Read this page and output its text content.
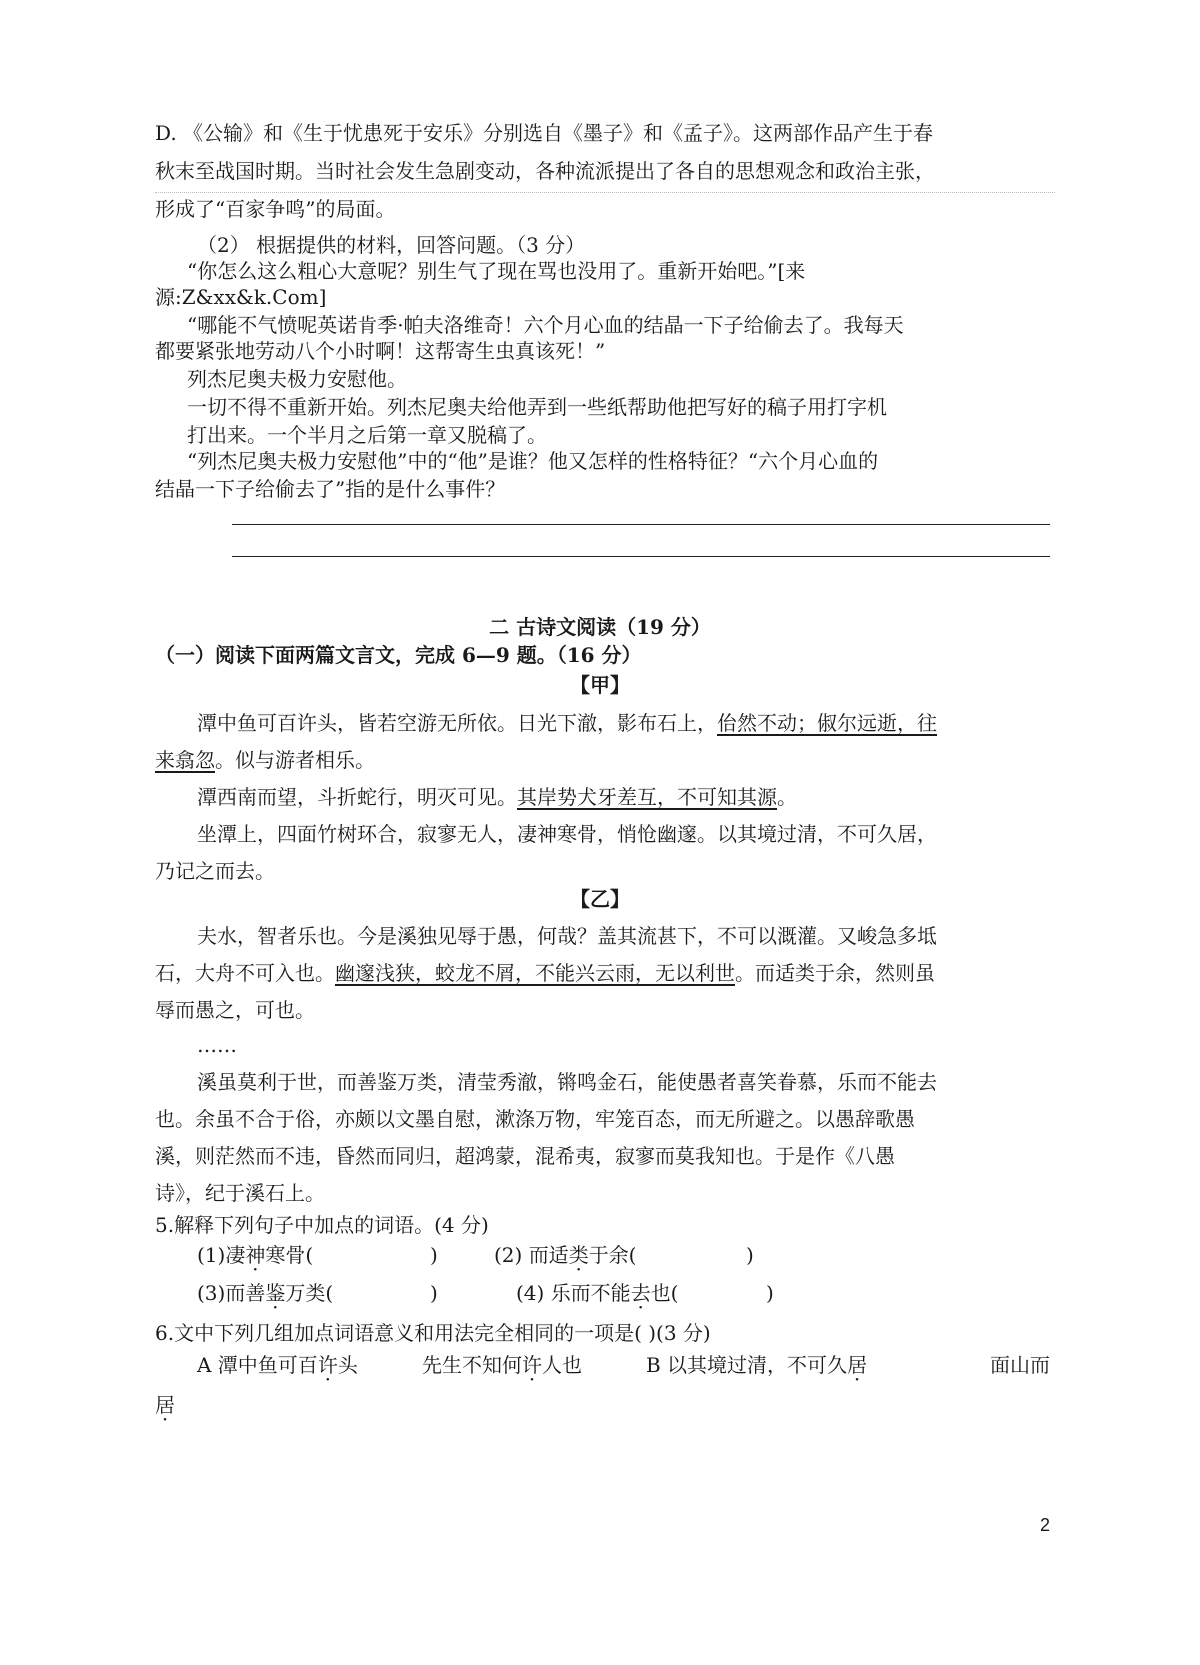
D. 《公输》和《生于忧患死于安乐》分别选自《墨子》和《孟子》。这两部作品产生于春
秋末至战国时期。当时社会发生急剧变动，各种流派提出了各自的思想观念和政治主张，
形成了“百家争鸣”的局面。
（2） 根据提供的材料，回答问题。（3 分）
“你怎么这么粗心大意呢？别生气了现在骂也没用了。重新开始吧。”[来
源:Z&xx&k.Com]
“哪能不气愤呢英诺肯季·帕夫洛维奇！六个月心血的结晶一下子给偷去了。我每天
都要紧张地劳动八个小时啊！这帮寄生虫真该死！”
列杰尼奥夫极力安慰他。
一切不得不重新开始。列杰尼奥夫给他弄到一些纸帮助他把写好的稿子用打字机
打出来。一个半月之后第一章又脱稿了。
“列杰尼奥夫极力安慰他”中的“他”是谁？他又怎样的性格特征？“六个月心血的
结晶一下子给偷去了”指的是什么事件？
二 古诗文阅读（19 分）
（一）阅读下面两篇文言文，完成 6—9 题。（16 分）
【甲】
潭中鱼可百许头，皆若空游无所依。日光下澈，影布石上，佁然不动；俶尔远逝，往
来翕忽。似与游者相乐。
潭西南而望，斗折蛇行，明灭可见。其岸势犬牙差互，不可知其源。
坐潭上，四面竹树环合，寂寥无人，凄神寒骨，悄怆幽邃。以其境过清，不可久居，
乃记之而去。
【乙】
夫水，智者乐也。今是溪独见辱于愚，何哉？盖其流甚下，不可以溉灌。又峻急多坻
石，大舟不可入也。幽邃浅狭，蛟龙不屑，不能兴云雨，无以利世。而适类于余，然则虽
辱而愚之，可也。
……
溪虽莫利于世，而善鉴万类，清莹秀澈，锵鸣金石，能使愚者喜笑眷慕，乐而不能去
也。余虽不合于俗，亦颇以文墨自慰，漱涤万物，牢笼百态，而无所避之。以愚辞歌愚
溪，则茫然而不违，昏然而同归，超鸿蒙，混希夷，寂寥而莫我知也。于是作《八愚
诗》，纪于溪石上。
5.解释下列句子中加点的词语。(4 分)
(1)凄神寒骨(	)	(2) 而适类于余(	)
(3)而善鉴万类(	)	(4) 乐而不能去也(	)
6.文中下列几组加点词语意义和用法完全相同的一项是( )(3 分)
A 潭中鱼可百许头	先生不知何许人也	B 以其境过清，不可久居	面山而
居
2
